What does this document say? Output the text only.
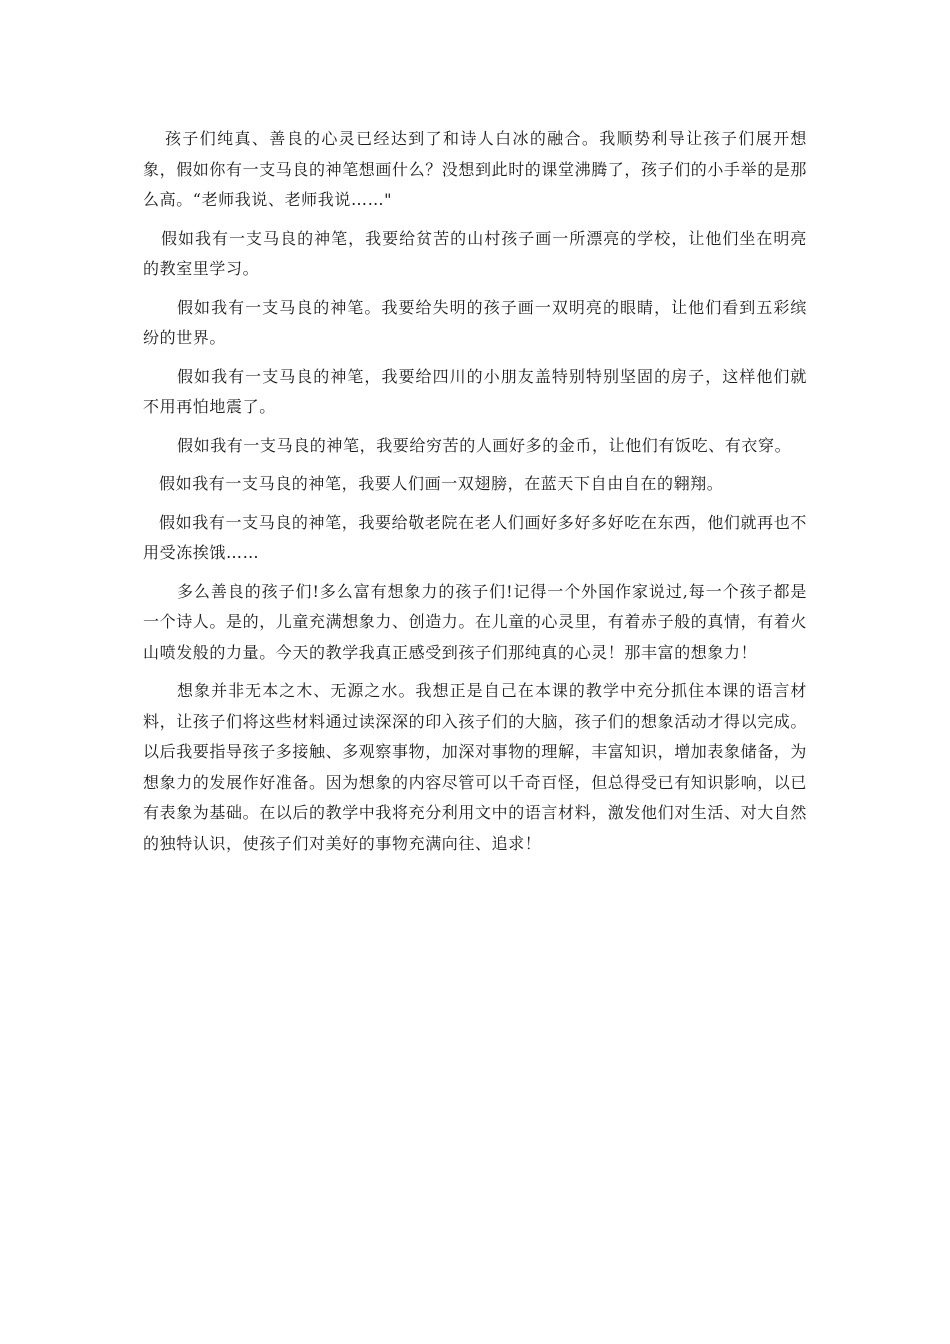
孩子们纯真、善良的心灵已经达到了和诗人白冰的融合。我顺势利导让孩子们展开想象，假如你有一支马良的神笔想画什么？没想到此时的课堂沸腾了，孩子们的小手举的是那么高。“老师我说、老师我说……"

假如我有一支马良的神笔，我要给贫苦的山村孩子画一所漂亮的学校，让他们坐在明亮的教室里学习。

假如我有一支马良的神笔。我要给失明的孩子画一双明亮的眼睛，让他们看到五彩缤纷的世界。

假如我有一支马良的神笔，我要给四川的小朋友盖特别特别坚固的房子，这样他们就不用再怕地震了。

假如我有一支马良的神笔，我要给穷苦的人画好多的金币，让他们有饭吃、有衣穿。

假如我有一支马良的神笔，我要人们画一双翅膀，在蓝天下自由自在的翱翔。

假如我有一支马良的神笔，我要给敬老院在老人们画好多好多好吃在东西，他们就再也不用受冻挨饿……

多么善良的孩子们!多么富有想象力的孩子们!记得一个外国作家说过,每一个孩子都是一个诗人。是的，儿童充满想象力、创造力。在儿童的心灵里，有着赤子般的真情，有着火山喷发般的力量。今天的教学我真正感受到孩子们那纯真的心灵！那丰富的想象力！

想象并非无本之木、无源之水。我想正是自己在本课的教学中充分抓住本课的语言材料，让孩子们将这些材料通过读深深的印入孩子们的大脑，孩子们的想象活动才得以完成。以后我要指导孩子多接触、多观察事物，加深对事物的理解，丰富知识，增加表象储备，为想象力的发展作好准备。因为想象的内容尽管可以千奇百怪，但总得受已有知识影响，以已有表象为基础。在以后的教学中我将充分利用文中的语言材料，激发他们对生活、对大自然的独特认识，使孩子们对美好的事物充满向往、追求！
